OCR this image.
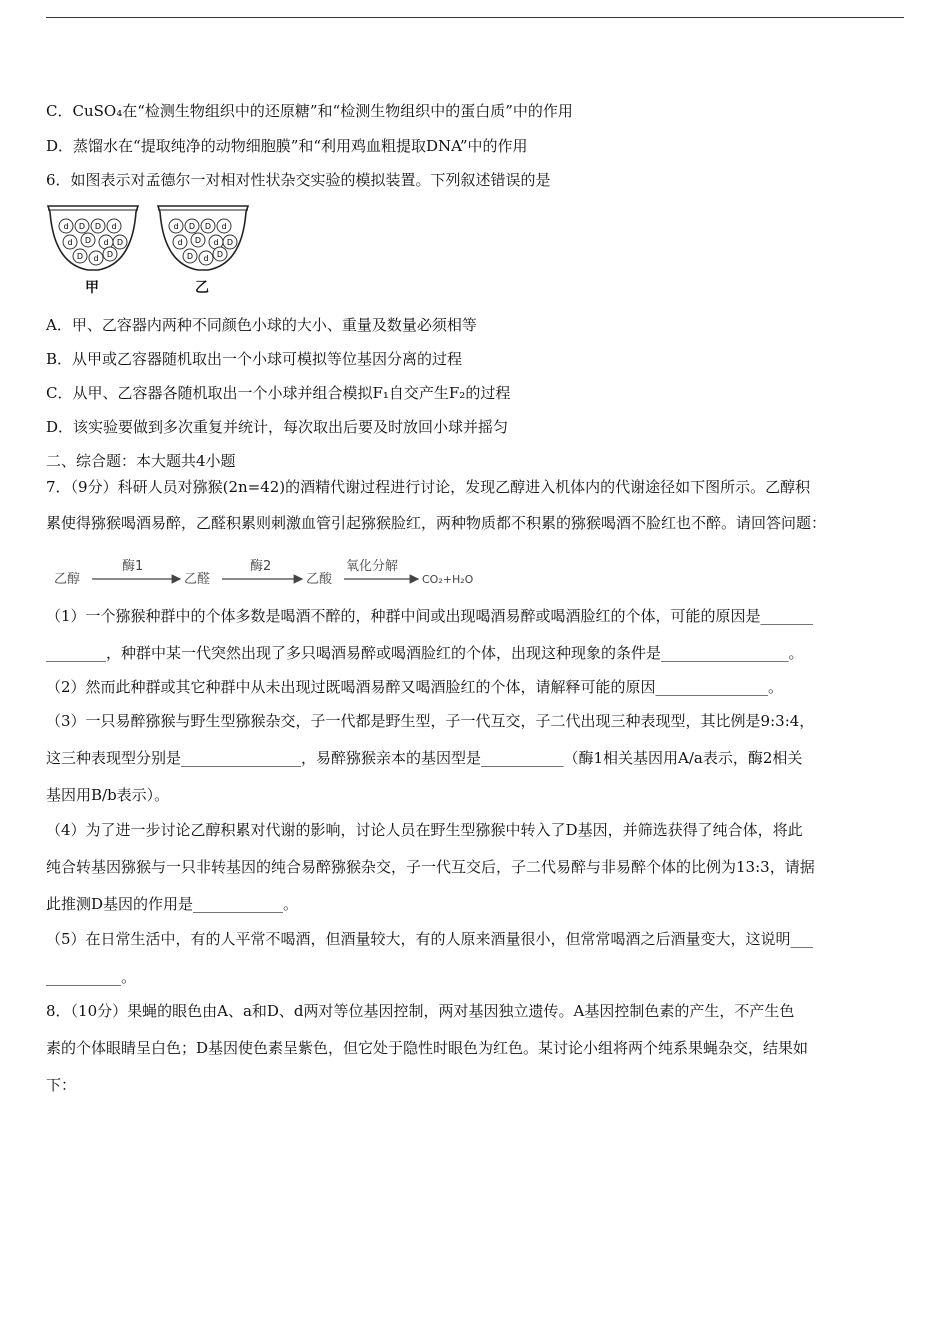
C．CuSO₄在“检测生物组织中的还原糖”和“检测生物组织中的蛋白质”中的作用
D．蒸馏水在“提取纯净的动物细胞膜”和“利用鸡血粗提取DNA”中的作用
6．如图表示对孟德尔一对相对性状杂交实验的模拟装置。下列叙述错误的是
d D D d
d D d D
D d D
d D D d
d D d D
D d D
甲	乙
A．甲、乙容器内两种不同颜色小球的大小、重量及数量必须相等
B．从甲或乙容器随机取出一个小球可模拟等位基因分离的过程
C．从甲、乙容器各随机取出一个小球并组合模拟F₁自交产生F₂的过程
D．该实验要做到多次重复并统计，每次取出后要及时放回小球并摇匀
二、综合题：本大题共4小题
7．（9分）科研人员对猕猴(2n=42)的酒精代谢过程进行讨论，发现乙醇进入机体内的代谢途径如下图所示。乙醇积
累使得猕猴喝酒易醉，乙醛积累则刺激血管引起猕猴脸红，两种物质都不积累的猕猴喝酒不脸红也不醉。请回答问题：
乙醇
酶1
乙醛
酶2
乙酸
氧化分解
CO₂+H₂O
（1）一个猕猴种群中的个体多数是喝酒不醉的，种群中间或出现喝酒易醉或喝酒脸红的个体，可能的原因是_______
________，种群中某一代突然出现了多只喝酒易醉或喝酒脸红的个体，出现这种现象的条件是_________________。
（2）然而此种群或其它种群中从未出现过既喝酒易醉又喝酒脸红的个体，请解释可能的原因_______________。
（3）一只易醉猕猴与野生型猕猴杂交，子一代都是野生型，子一代互交，子二代出现三种表现型，其比例是9:3:4，
这三种表现型分别是________________，易醉猕猴亲本的基因型是___________（酶1相关基因用A/a表示，酶2相关
基因用B/b表示）。
（4）为了进一步讨论乙醇积累对代谢的影响，讨论人员在野生型猕猴中转入了D基因，并筛选获得了纯合体，将此
纯合转基因猕猴与一只非转基因的纯合易醉猕猴杂交，子一代互交后，子二代易醉与非易醉个体的比例为13:3，请据
此推测D基因的作用是____________。
（5）在日常生活中，有的人平常不喝酒，但酒量较大，有的人原来酒量很小，但常常喝酒之后酒量变大，这说明___
__________。
8．（10分）果蝇的眼色由A、a和D、d两对等位基因控制，两对基因独立遗传。A基因控制色素的产生，不产生色
素的个体眼睛呈白色；D基因使色素呈紫色，但它处于隐性时眼色为红色。某讨论小组将两个纯系果蝇杂交，结果如
下：
